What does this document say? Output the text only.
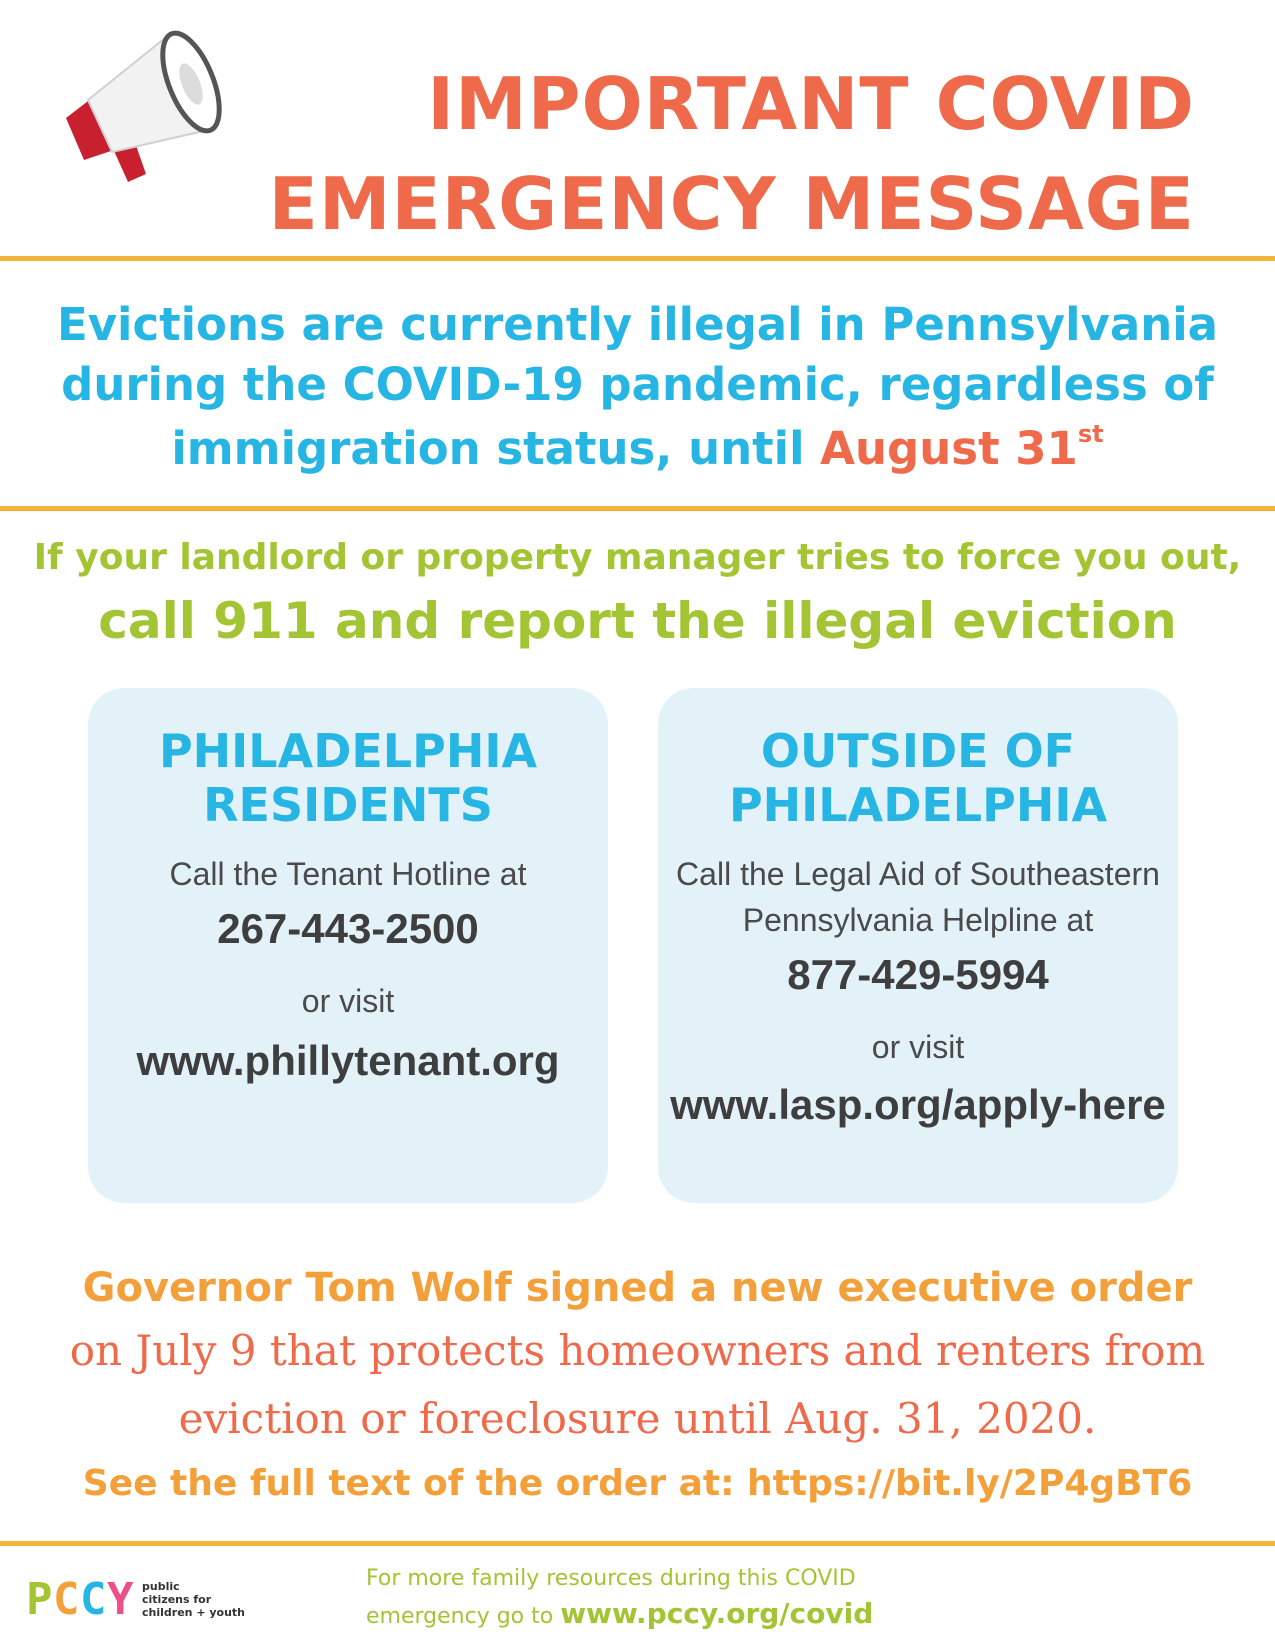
IMPORTANT COVID
EMERGENCY MESSAGE
Evictions are currently illegal in Pennsylvania
during the COVID-19 pandemic, regardless of
immigration status, until August 31st
If your landlord or property manager tries to force you out,
call 911 and report the illegal eviction
PHILADELPHIA
RESIDENTS
Call the Tenant Hotline at
267-443-2500
or visit
www.phillytenant.org
OUTSIDE OF
PHILADELPHIA
Call the Legal Aid of Southeastern
Pennsylvania Helpline at
877-429-5994
or visit
www.lasp.org/apply-here
Governor Tom Wolf signed a new executive order
on July 9 that protects homeowners and renters from
eviction or foreclosure until Aug. 31, 2020.
See the full text of the order at: https://bit.ly/2P4gBT6
P C C Y public
citizens for
children + youth
For more family resources during this COVID
emergency go to www.pccy.org/covid
